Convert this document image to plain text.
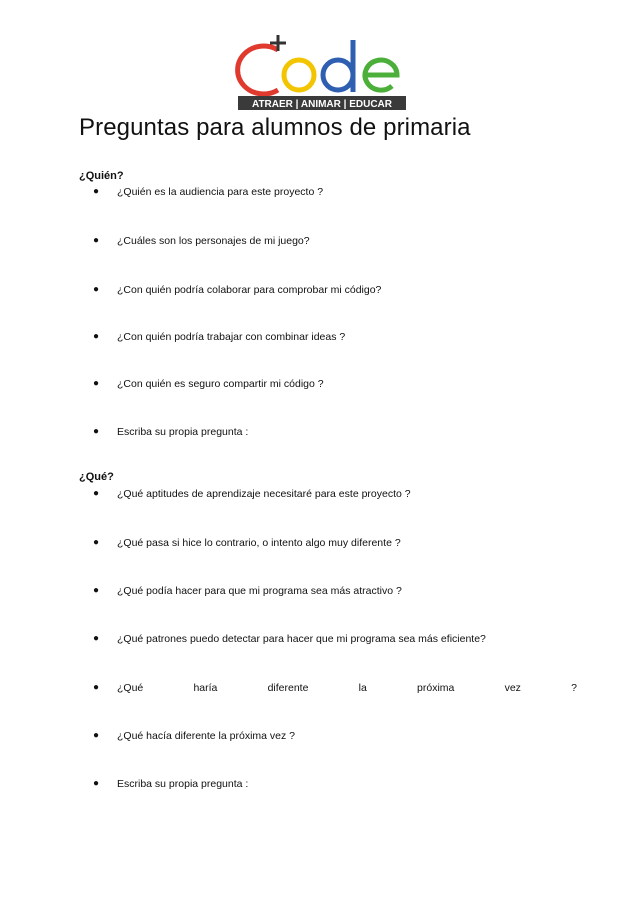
ATRAER | ANIMAR | EDUCAR
Preguntas para alumnos de primaria
¿Quién?
● ¿Quién es la audiencia para este proyecto ?
● ¿Cuáles son los personajes de mi juego?
● ¿Con quién podría colaborar para comprobar mi código?
● ¿Con quién podría trabajar con combinar ideas ?
● ¿Con quién es seguro compartir mi código ?
● Escriba su propia pregunta :
¿Qué?
● ¿Qué aptitudes de aprendizaje necesitaré para este proyecto ?
● ¿Qué pasa si hice lo contrario, o intento algo muy diferente ?
● ¿Qué podía hacer para que mi programa sea más atractivo ?
● ¿Qué patrones puedo detectar para hacer que mi programa sea más eficiente?
● ¿Qué	haría	diferente	la	próxima	vez	?
● ¿Qué hacía diferente la próxima vez ?
● Escriba su propia pregunta :
